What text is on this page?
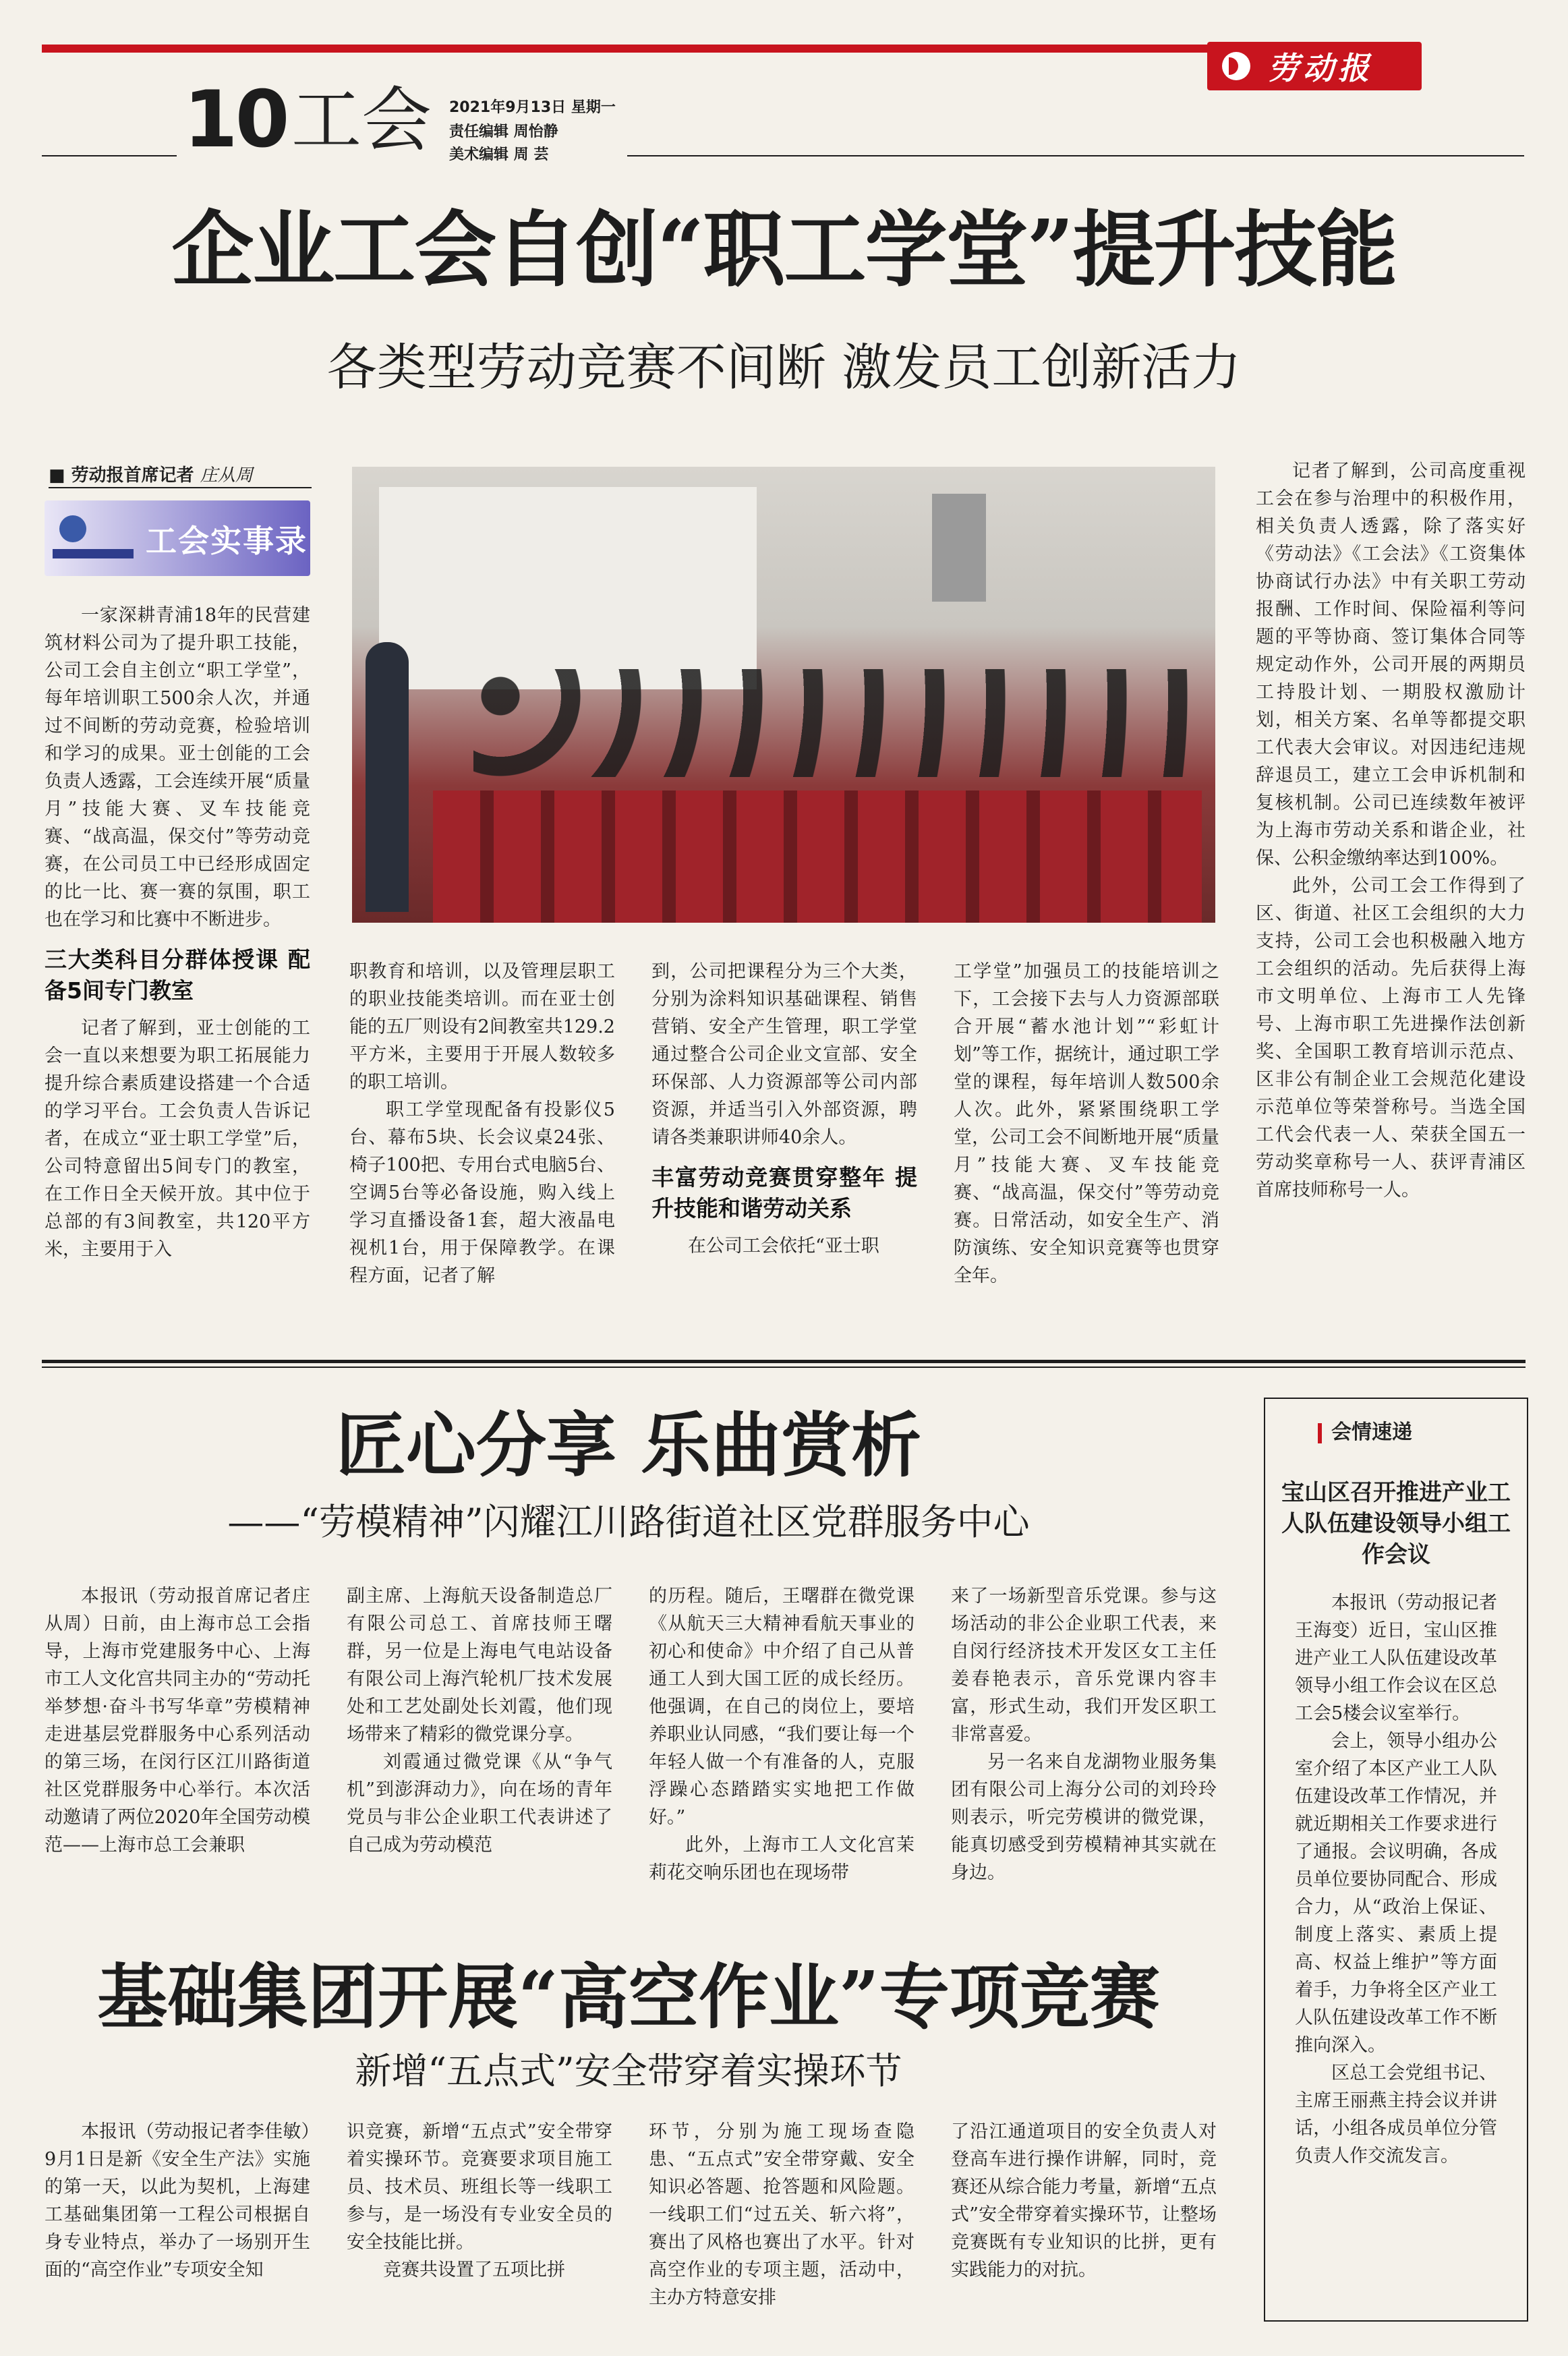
劳动报
10 工会 2021年9月13日 星期一
责任编辑 周怡静
美术编辑 周 芸
企业工会自创“职工学堂”提升技能
各类型劳动竞赛不间断 激发员工创新活力
■ 劳动报首席记者 庄从周
工会实事录

一家深耕青浦18年的民营建筑材料公司为了提升职工技能，公司工会自主创立“职工学堂”，每年培训职工500余人次，并通过不间断的劳动竞赛，检验培训和学习的成果。亚士创能的工会负责人透露，工会连续开展“质量月”技能大赛、叉车技能竞赛、“战高温，保交付”等劳动竞赛，在公司员工中已经形成固定的比一比、赛一赛的氛围，职工也在学习和比赛中不断进步。

三大类科目分群体授课 配备5间专门教室

记者了解到，亚士创能的工会一直以来想要为职工拓展能力提升综合素质建设搭建一个合适的学习平台。工会负责人告诉记者，在成立“亚士职工学堂”后，公司特意留出5间专门的教室，在工作日全天候开放。其中位于总部的有3间教室，共120平方米，主要用于入

职教育和培训，以及管理层职工的职业技能类培训。而在亚士创能的五厂则设有2间教室共129.2平方米，主要用于开展人数较多的职工培训。

职工学堂现配备有投影仪5台、幕布5块、长会议桌24张、椅子100把、专用台式电脑5台、空调5台等必备设施，购入线上学习直播设备1套，超大液晶电视机1台，用于保障教学。在课程方面，记者了解

到，公司把课程分为三个大类，分别为涂料知识基础课程、销售营销、安全产生管理，职工学堂通过整合公司企业文宣部、安全环保部、人力资源部等公司内部资源，并适当引入外部资源，聘请各类兼职讲师40余人。

丰富劳动竞赛贯穿整年 提升技能和谐劳动关系

在公司工会依托“亚士职

工学堂”加强员工的技能培训之下，工会接下去与人力资源部联合开展“蓄水池计划”“彩虹计划”等工作，据统计，通过职工学堂的课程，每年培训人数500余人次。此外，紧紧围绕职工学堂，公司工会不间断地开展“质量月”技能大赛、叉车技能竞赛、“战高温，保交付”等劳动竞赛。日常活动，如安全生产、消防演练、安全知识竞赛等也贯穿全年。

记者了解到，公司高度重视工会在参与治理中的积极作用，相关负责人透露，除了落实好《劳动法》《工会法》《工资集体协商试行办法》中有关职工劳动报酬、工作时间、保险福利等问题的平等协商、签订集体合同等规定动作外，公司开展的两期员工持股计划、一期股权激励计划，相关方案、名单等都提交职工代表大会审议。对因违纪违规辞退员工，建立工会申诉机制和复核机制。公司已连续数年被评为上海市劳动关系和谐企业，社保、公积金缴纳率达到100%。

此外，公司工会工作得到了区、街道、社区工会组织的大力支持，公司工会也积极融入地方工会组织的活动。先后获得上海市文明单位、上海市工人先锋号、上海市职工先进操作法创新奖、全国职工教育培训示范点、区非公有制企业工会规范化建设示范单位等荣誉称号。当选全国工代会代表一人、荣获全国五一劳动奖章称号一人、获评青浦区首席技师称号一人。

匠心分享 乐曲赏析
——“劳模精神”闪耀江川路街道社区党群服务中心

本报讯（劳动报首席记者庄从周）日前，由上海市总工会指导，上海市党建服务中心、上海市工人文化宫共同主办的“劳动托举梦想·奋斗书写华章”劳模精神走进基层党群服务中心系列活动的第三场，在闵行区江川路街道社区党群服务中心举行。本次活动邀请了两位2020年全国劳动模范——上海市总工会兼职

副主席、上海航天设备制造总厂有限公司总工、首席技师王曙群，另一位是上海电气电站设备有限公司上海汽轮机厂技术发展处和工艺处副处长刘霞，他们现场带来了精彩的微党课分享。

刘霞通过微党课《从“争气机”到澎湃动力》，向在场的青年党员与非公企业职工代表讲述了自己成为劳动模范

的历程。随后，王曙群在微党课《从航天三大精神看航天事业的初心和使命》中介绍了自己从普通工人到大国工匠的成长经历。他强调，在自己的岗位上，要培养职业认同感，“我们要让每一个年轻人做一个有准备的人，克服浮躁心态踏踏实实地把工作做好。”

此外，上海市工人文化宫茉莉花交响乐团也在现场带

来了一场新型音乐党课。参与这场活动的非公企业职工代表，来自闵行经济技术开发区女工主任姜春艳表示，音乐党课内容丰富，形式生动，我们开发区职工非常喜爱。

另一名来自龙湖物业服务集团有限公司上海分公司的刘玲玲则表示，听完劳模讲的微党课，能真切感受到劳模精神其实就在身边。

会情速递
宝山区召开推进产业工人队伍建设领导小组工作会议

本报讯（劳动报记者王海变）近日，宝山区推进产业工人队伍建设改革领导小组工作会议在区总工会5楼会议室举行。

会上，领导小组办公室介绍了本区产业工人队伍建设改革工作情况，并就近期相关工作要求进行了通报。会议明确，各成员单位要协同配合、形成合力，从“政治上保证、制度上落实、素质上提高、权益上维护”等方面着手，力争将全区产业工人队伍建设改革工作不断推向深入。

区总工会党组书记、主席王丽燕主持会议并讲话，小组各成员单位分管负责人作交流发言。

基础集团开展“高空作业”专项竞赛
新增“五点式”安全带穿着实操环节

本报讯（劳动报记者李佳敏）9月1日是新《安全生产法》实施的第一天，以此为契机，上海建工基础集团第一工程公司根据自身专业特点，举办了一场别开生面的“高空作业”专项安全知

识竞赛，新增“五点式”安全带穿着实操环节。竞赛要求项目施工员、技术员、班组长等一线职工参与，是一场没有专业安全员的安全技能比拼。

竞赛共设置了五项比拼

环节，分别为施工现场查隐患、“五点式”安全带穿戴、安全知识必答题、抢答题和风险题。一线职工们“过五关、斩六将”，赛出了风格也赛出了水平。针对高空作业的专项主题，活动中，主办方特意安排

了沿江通道项目的安全负责人对登高车进行操作讲解，同时，竞赛还从综合能力考量，新增“五点式”安全带穿着实操环节，让整场竞赛既有专业知识的比拼，更有实践能力的对抗。
